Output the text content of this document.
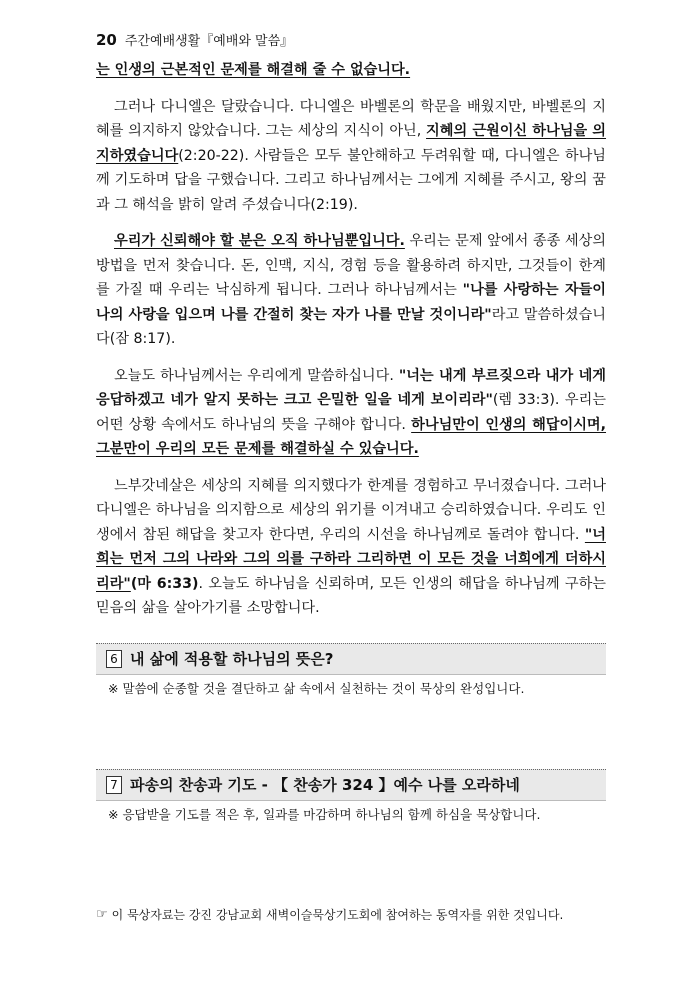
20 주간예배생활『예배와 말씀』

는 인생의 근본적인 문제를 해결해 줄 수 없습니다.

그러나 다니엘은 달랐습니다. 다니엘은 바벨론의 학문을 배웠지만, 바벨론의 지혜를 의지하지 않았습니다. 그는 세상의 지식이 아닌, 지혜의 근원이신 하나님을 의지하였습니다(2:20-22). 사람들은 모두 불안해하고 두려워할 때, 다니엘은 하나님께 기도하며 답을 구했습니다. 그리고 하나님께서는 그에게 지혜를 주시고, 왕의 꿈과 그 해석을 밝히 알려 주셨습니다(2:19).

우리가 신뢰해야 할 분은 오직 하나님뿐입니다. 우리는 문제 앞에서 종종 세상의 방법을 먼저 찾습니다. 돈, 인맥, 지식, 경험 등을 활용하려 하지만, 그것들이 한계를 가질 때 우리는 낙심하게 됩니다. 그러나 하나님께서는 "나를 사랑하는 자들이 나의 사랑을 입으며 나를 간절히 찾는 자가 나를 만날 것이니라"라고 말씀하셨습니다(잠 8:17).

오늘도 하나님께서는 우리에게 말씀하십니다. "너는 내게 부르짖으라 내가 네게 응답하겠고 네가 알지 못하는 크고 은밀한 일을 네게 보이리라"(렘 33:3). 우리는 어떤 상황 속에서도 하나님의 뜻을 구해야 합니다. 하나님만이 인생의 해답이시며, 그분만이 우리의 모든 문제를 해결하실 수 있습니다.

느부갓네살은 세상의 지혜를 의지했다가 한계를 경험하고 무너졌습니다. 그러나 다니엘은 하나님을 의지함으로 세상의 위기를 이겨내고 승리하였습니다. 우리도 인생에서 참된 해답을 찾고자 한다면, 우리의 시선을 하나님께로 돌려야 합니다. "너희는 먼저 그의 나라와 그의 의를 구하라 그리하면 이 모든 것을 너희에게 더하시리라"(마 6:33). 오늘도 하나님을 신뢰하며, 모든 인생의 해답을 하나님께 구하는 믿음의 삶을 살아가기를 소망합니다.

6 내 삶에 적용할 하나님의 뜻은?
※ 말씀에 순종할 것을 결단하고 삶 속에서 실천하는 것이 묵상의 완성입니다.
7 파송의 찬송과 기도 - 【 찬송가 324 】예수 나를 오라하네
※ 응답받을 기도를 적은 후, 일과를 마감하며 하나님의 함께 하심을 묵상합니다.
☞ 이 묵상자료는 강진 강남교회 새벽이슬묵상기도회에 참여하는 동역자를 위한 것입니다.
